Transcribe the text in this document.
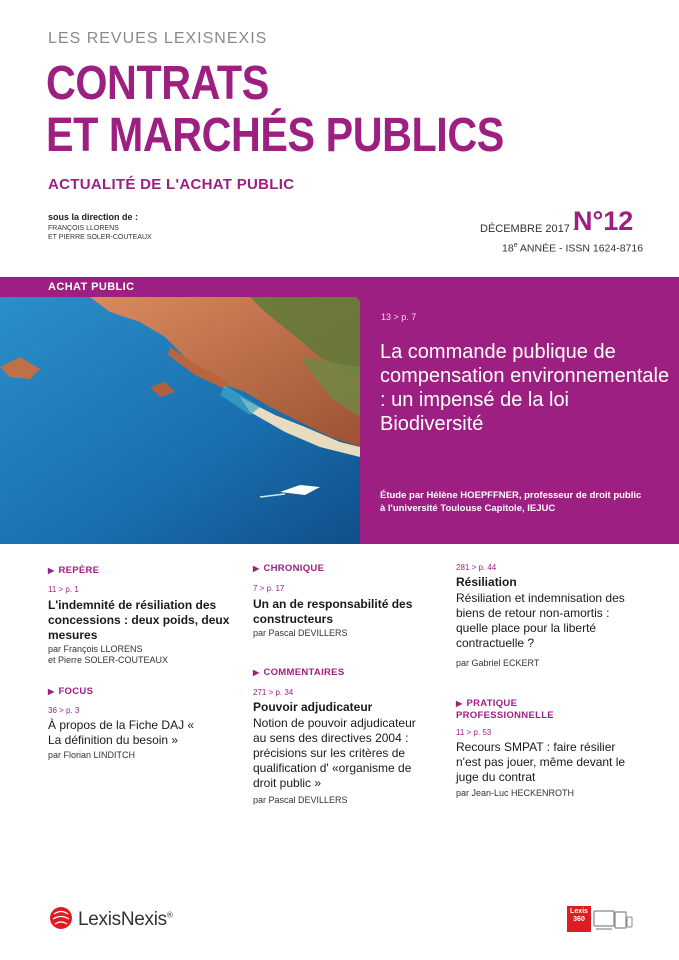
LES REVUES LEXISNEXIS
CONTRATS
ET MARCHÉS PUBLICS
ACTUALITÉ DE L'ACHAT PUBLIC
sous la direction de :
FRANÇOIS LLORENS
ET PIERRE SOLER-COUTEAUX
DÉCEMBRE 2017 -
N°12
18e ANNÉE - ISSN 1624-8716
ACHAT PUBLIC
13 > p. 7
La commande publique de compensation environnementale : un impensé de la loi Biodiversité
Étude par Hélène HOEPFFNER, professeur de droit public
à l'université Toulouse Capitole, IEJUC
▶ REPÈRE
11 > p. 1
L'indemnité de résiliation des concessions : deux poids, deux mesures
par François LLORENS
et Pierre SOLER-COUTEAUX
▶ FOCUS
36 > p. 3
À propos de la Fiche DAJ « La définition du besoin »
par Florian LINDITCH
▶ CHRONIQUE
7 > p. 17
Un an de responsabilité des constructeurs
par Pascal DEVILLERS
▶ COMMENTAIRES
271 > p. 34
Pouvoir adjudicateur
Notion de pouvoir adjudicateur au sens des directives 2004 : précisions sur les critères de qualification d' «organisme de droit public »
par Pascal DEVILLERS
281 > p. 44
Résiliation
Résiliation et indemnisation des biens de retour non-amortis : quelle place pour la liberté contractuelle ?
par Gabriel ECKERT
▶ PRATIQUE
PROFESSIONNELLE
11 > p. 53
Recours SMPAT : faire résilier n'est pas jouer, même devant le juge du contrat
par Jean-Luc HECKENROTH
LexisNexis®	Lexis
360
